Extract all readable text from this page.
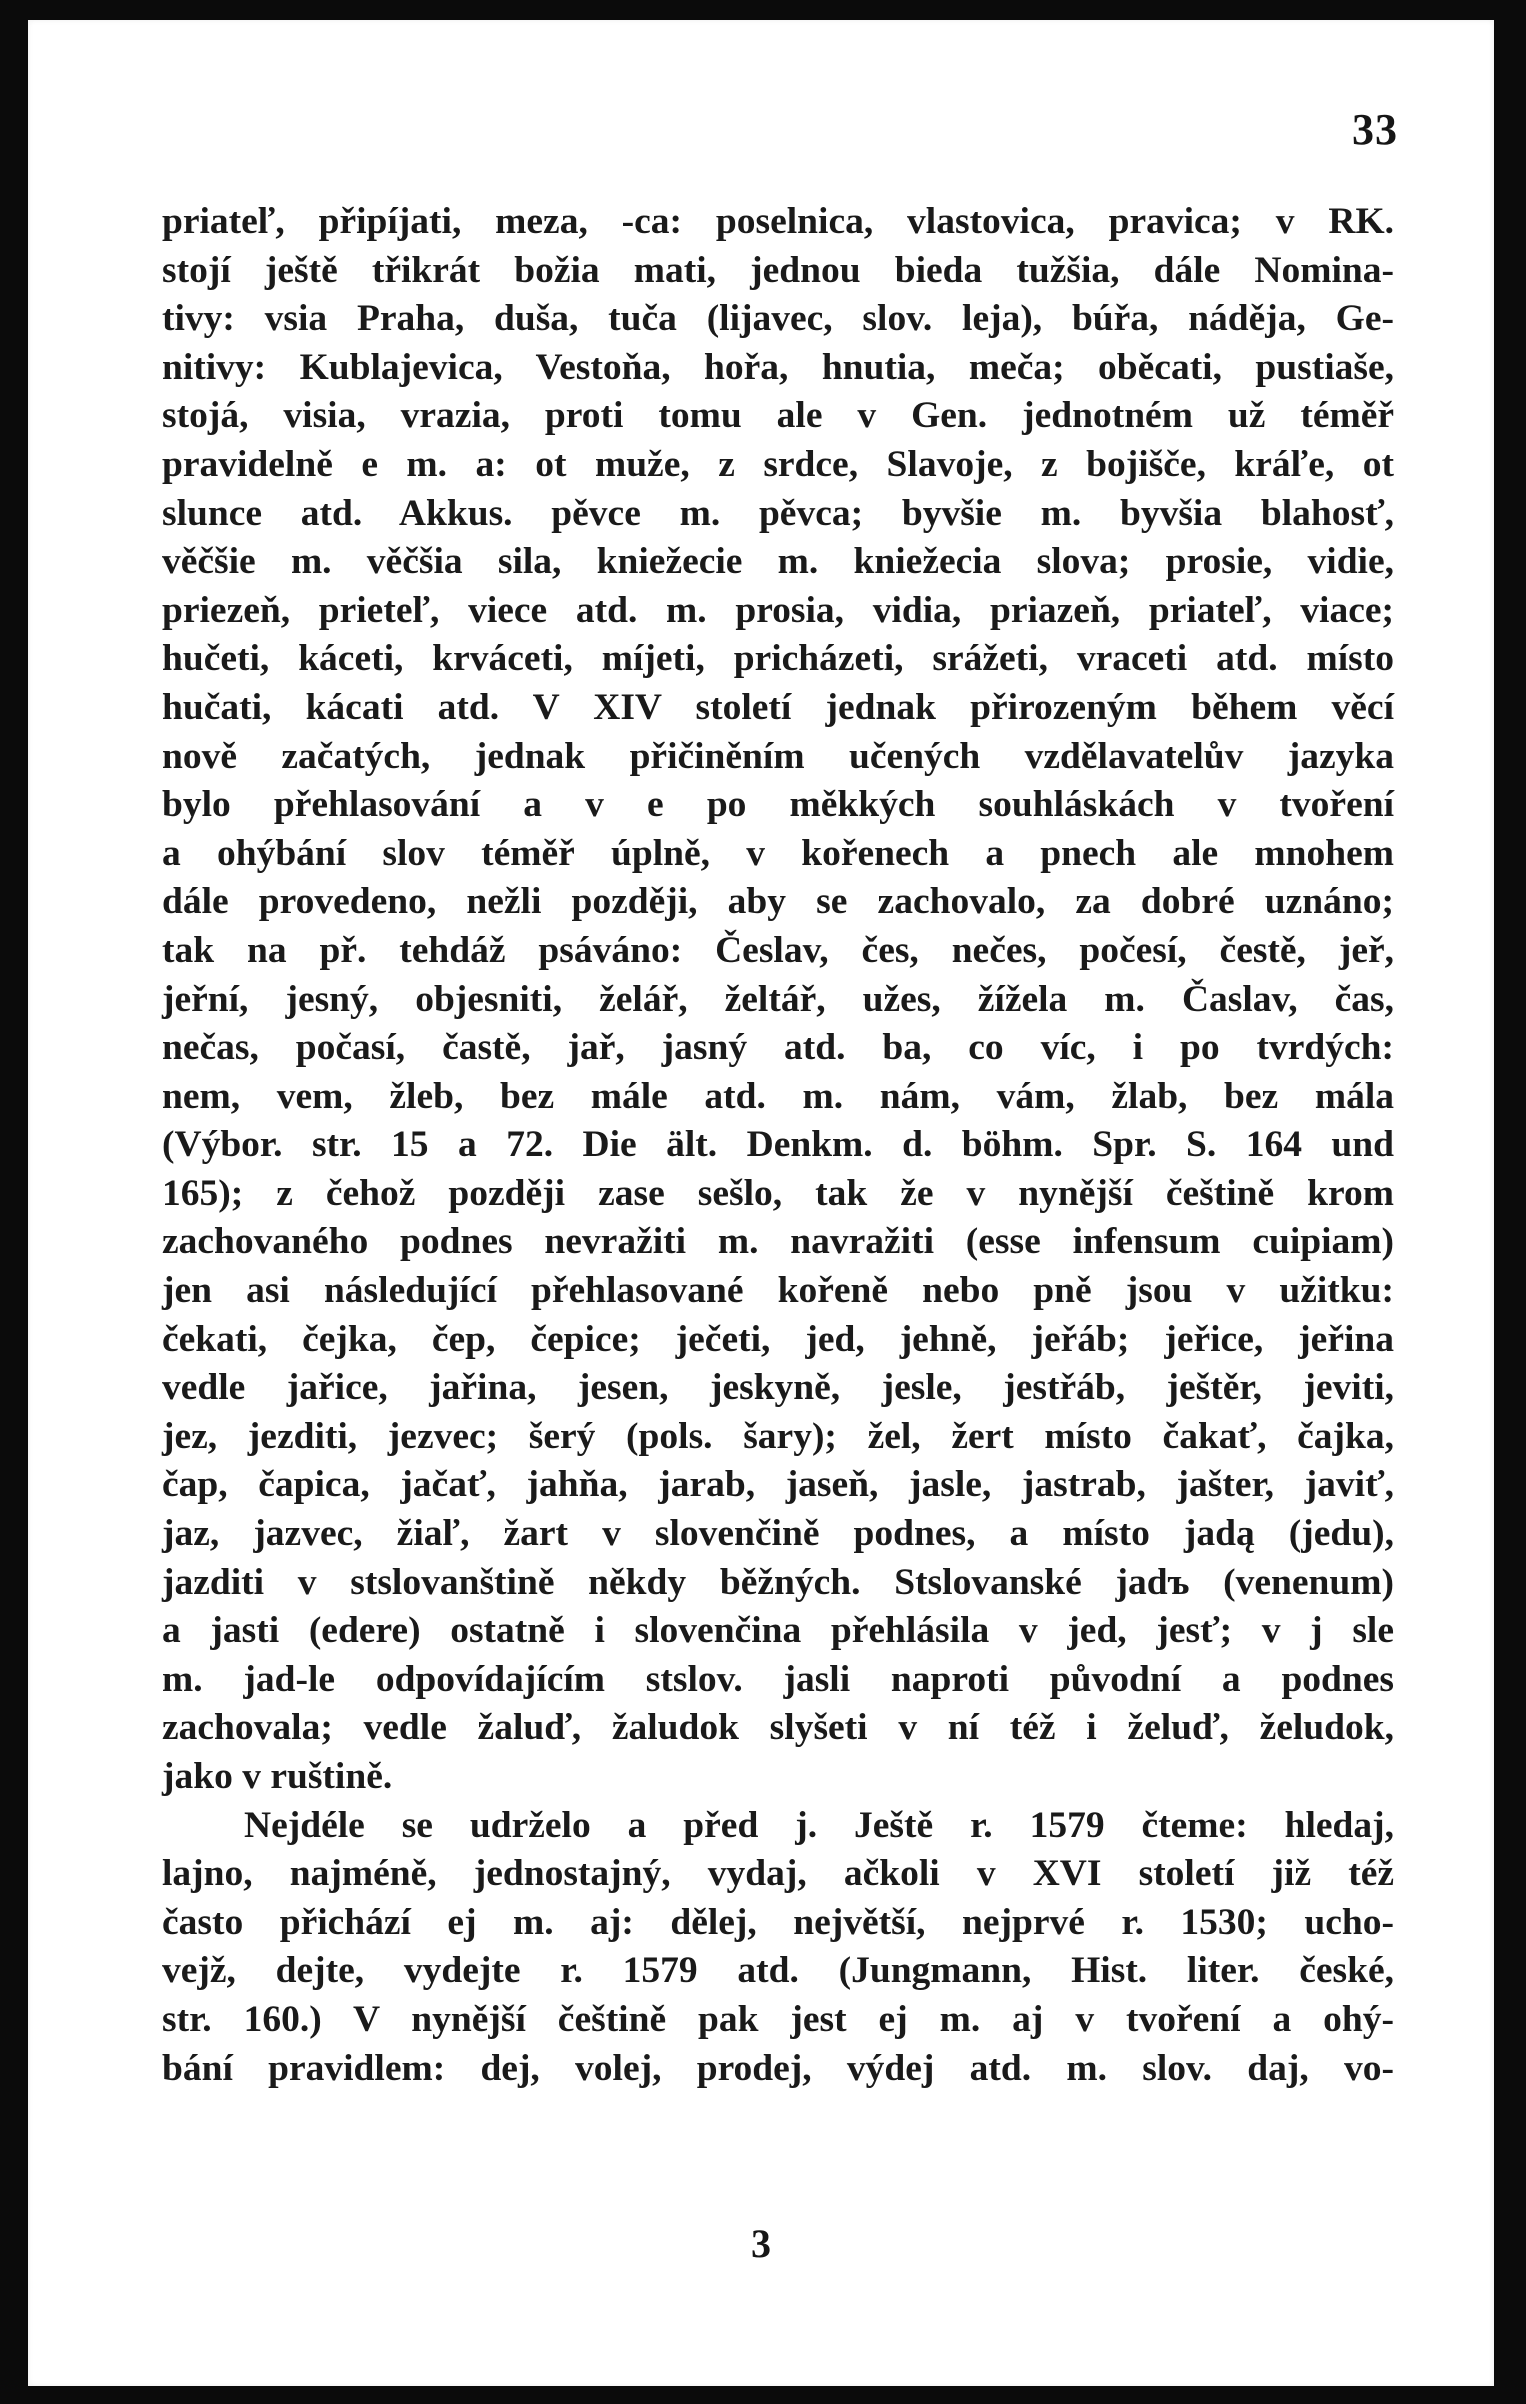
33
priateľ, připíjati, meza, -ca: poselnica, vlastovica, pravica; v RK.
stojí ještě třikrát božia mati, jednou bieda tužšia, dále Nomina-
tivy: vsia Praha, duša, tuča (lijavec, slov. leja), búřa, náděja, Ge-
nitivy: Kublajevica, Vestoňa, hořa, hnutia, meča; oběcati, pustiaše,
stojá, visia, vrazia, proti tomu ale v Gen. jednotném už téměř
pravidelně e m. a: ot muže, z srdce, Slavoje, z bojišče, kráľe, ot
slunce atd. Akkus. pěvce m. pěvca; byvšie m. byvšia blahosť,
věčšie m. věčšia sila, kniežecie m. kniežecia slova; prosie, vidie,
priezeň, prieteľ, viece atd. m. prosia, vidia, priazeň, priateľ, viace;
hučeti, káceti, krváceti, míjeti, pricházeti, srážeti, vraceti atd. místo
hučati, kácati atd. V XIV století jednak přirozeným během věcí
nově začatých, jednak přičiněním učených vzdělavatelův jazyka
bylo přehlasování a v e po měkkých souhláskách v tvoření
a ohýbání slov téměř úplně, v kořenech a pnech ale mnohem
dále provedeno, nežli později, aby se zachovalo, za dobré uznáno;
tak na př. tehdáž psáváno: Česlav, čes, nečes, počesí, čestě, jeř,
jeřní, jesný, objesniti, želář, želtář, užes, žížela m. Časlav, čas,
nečas, počasí, častě, jař, jasný atd. ba, co víc, i po tvrdých:
nem, vem, žleb, bez mále atd. m. nám, vám, žlab, bez mála
(Výbor. str. 15 a 72. Die ält. Denkm. d. böhm. Spr. S. 164 und
165); z čehož později zase sešlo, tak že v nynější češtině krom
zachovaného podnes nevražiti m. navražiti (esse infensum cuipiam)
jen asi následující přehlasované kořeně nebo pně jsou v užitku:
čekati, čejka, čep, čepice; ječeti, jed, jehně, jeřáb; jeřice, jeřina
vedle jařice, jařina, jesen, jeskyně, jesle, jestřáb, ještěr, jeviti,
jez, jezditi, jezvec; šerý (pols. šary); žel, žert místo čakať, čajka,
čap, čapica, jačať, jahňa, jarab, jaseň, jasle, jastrab, jašter, javiť,
jaz, jazvec, žiaľ, žart v slovenčině podnes, a místo jadą (jedu),
jazditi v stslovanštině někdy běžných. Stslovanské jadъ (venenum)
a jasti (edere) ostatně i slovenčina přehlásila v jed, jesť; v j sle
m. jad-le odpovídajícím stslov. jasli naproti původní a podnes
zachovala; vedle žaluď, žaludok slyšeti v ní též i želuď, želudok,
jako v ruštině.
Nejdéle se udrželo a před j. Ještě r. 1579 čteme: hledaj,
lajno, najméně, jednostajný, vydaj, ačkoli v XVI století již též
často přichází ej m. aj: dělej, největší, nejprvé r. 1530; ucho-
vejž, dejte, vydejte r. 1579 atd. (Jungmann, Hist. liter. české,
str. 160.) V nynější češtině pak jest ej m. aj v tvoření a ohý-
bání pravidlem: dej, volej, prodej, výdej atd. m. slov. daj, vo-
3
